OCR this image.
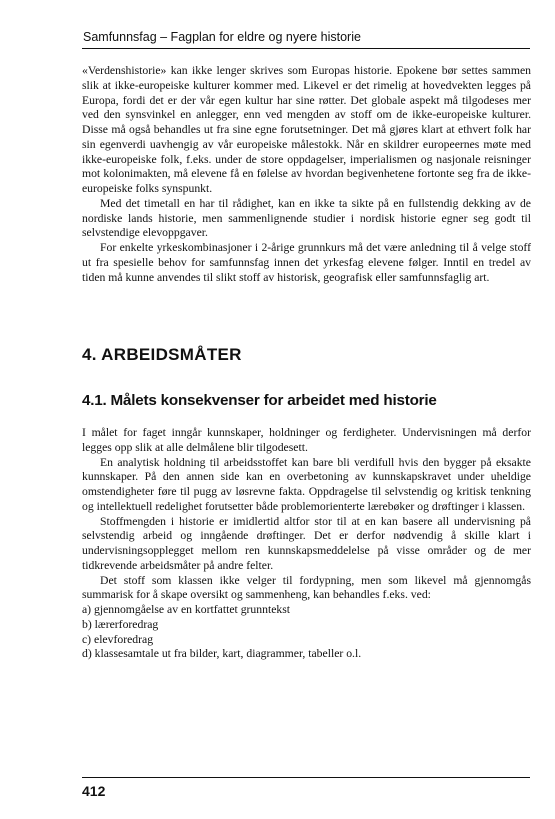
Samfunnsfag – Fagplan for eldre og nyere historie

«Verdenshistorie» kan ikke lenger skrives som Europas historie. Epokene bør settes sammen slik at ikke-europeiske kulturer kommer med. Likevel er det rimelig at hovedvekten legges på Europa, fordi det er der vår egen kultur har sine røtter. Det globale aspekt må tilgodeses mer ved den synsvinkel en anlegger, enn ved mengden av stoff om de ikke-europeiske kulturer. Disse må også behandles ut fra sine egne forutsetninger. Det må gjøres klart at ethvert folk har sin egenverdi uavhengig av vår europeiske målestokk. Når en skildrer europeernes møte med ikke-europeiske folk, f.eks. under de store oppdagelser, imperialismen og nasjonale reisninger mot kolonimakten, må elevene få en følelse av hvordan begivenhetene fortonte seg fra de ikke-europeiske folks synspunkt.

Med det timetall en har til rådighet, kan en ikke ta sikte på en fullstendig dekking av de nordiske lands historie, men sammenlignende studier i nordisk historie egner seg godt til selvstendige elevoppgaver.

For enkelte yrkeskombinasjoner i 2-årige grunnkurs må det være anledning til å velge stoff ut fra spesielle behov for samfunnsfag innen det yrkesfag elevene følger. Inntil en tredel av tiden må kunne anvendes til slikt stoff av historisk, geografisk eller samfunnsfaglig art.

4. ARBEIDSMÅTER
4.1. Målets konsekvenser for arbeidet med historie

I målet for faget inngår kunnskaper, holdninger og ferdigheter. Undervisningen må derfor legges opp slik at alle delmålene blir tilgodesett.

En analytisk holdning til arbeidsstoffet kan bare bli verdifull hvis den bygger på eksakte kunnskaper. På den annen side kan en overbetoning av kunnskapskravet under uheldige omstendigheter føre til pugg av løsrevne fakta. Oppdragelse til selvstendig og kritisk tenkning og intellektuell redelighet forutsetter både problemorienterte lærebøker og drøftinger i klassen.

Stoffmengden i historie er imidlertid altfor stor til at en kan basere all undervisning på selvstendig arbeid og inngående drøftinger. Det er derfor nødvendig å skille klart i undervisningsopplegget mellom ren kunnskapsmeddelelse på visse områder og de mer tidkrevende arbeidsmåter på andre felter.

Det stoff som klassen ikke velger til fordypning, men som likevel må gjennomgås summarisk for å skape oversikt og sammenheng, kan behandles f.eks. ved:

a) gjennomgåelse av en kortfattet grunntekst
b) lærerforedrag
c) elevforedrag
d) klassesamtale ut fra bilder, kart, diagrammer, tabeller o.l.
412
